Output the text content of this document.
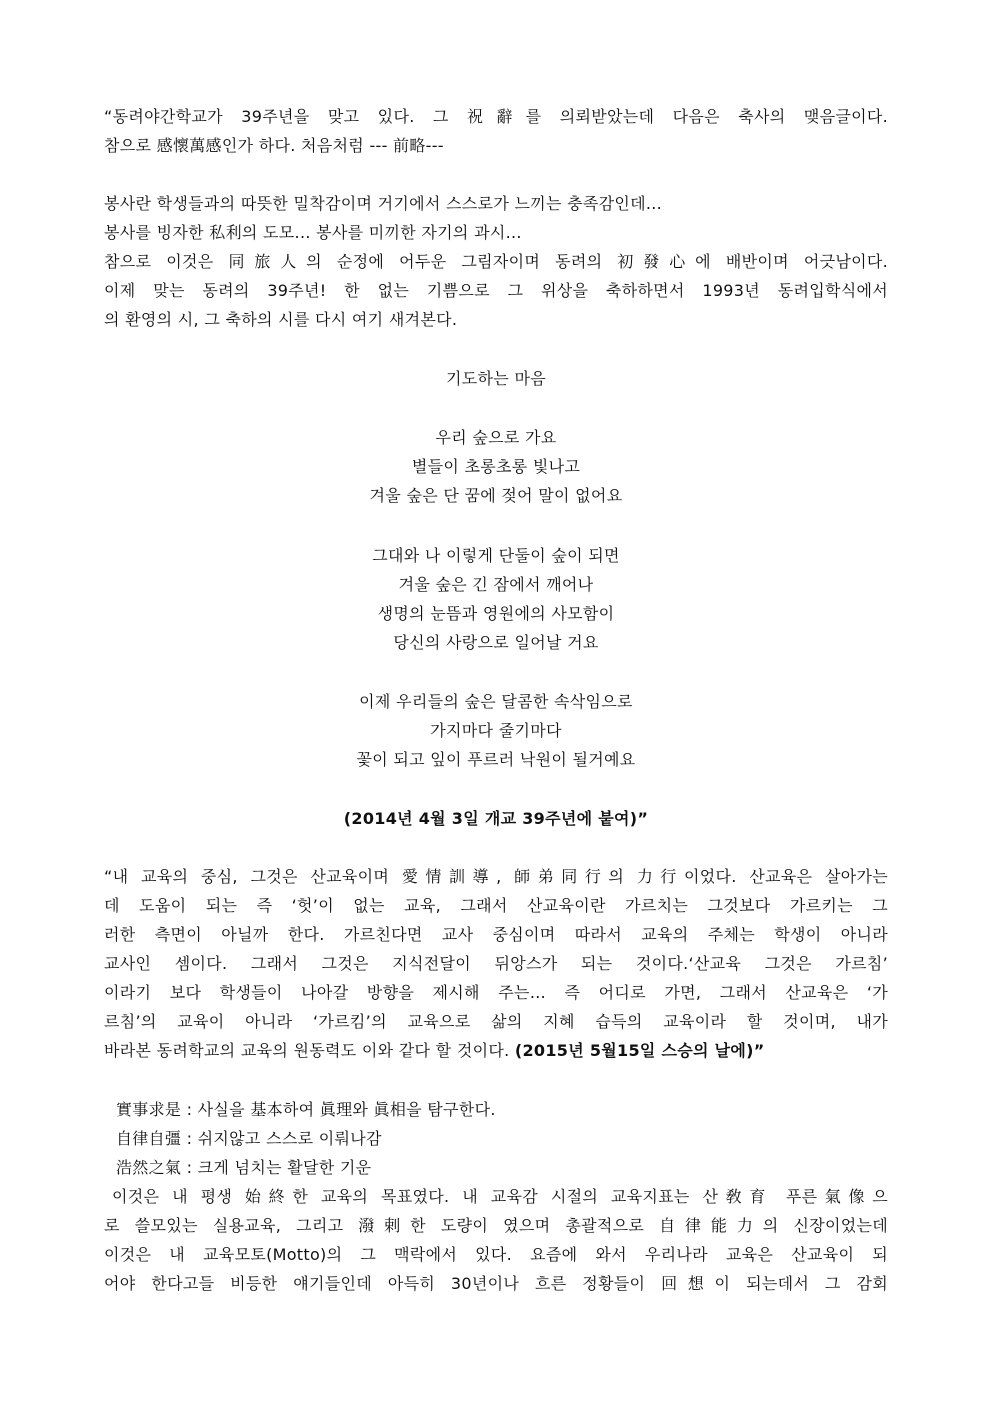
“동려야간학교가 39주년을 맞고 있다. 그 祝辭를 의뢰받았는데 다음은 축사의 맺음글이다.
참으로 感懷萬感인가 하다. 처음처럼 --- 前略---
봉사란 학생들과의 따뜻한 밀착감이며 거기에서 스스로가 느끼는 충족감인데...
봉사를 빙자한 私利의 도모... 봉사를 미끼한 자기의 과시...
참으로 이것은 同旅人의 순정에 어두운 그림자이며 동려의 初發心에 배반이며 어긋남이다.
이제 맞는 동려의 39주년! 한 없는 기쁨으로 그 위상을 축하하면서 1993년 동려입학식에서
의 환영의 시, 그 축하의 시를 다시 여기 새겨본다.
기도하는 마음
우리 숲으로 가요
별들이 초롱초롱 빛나고
겨울 숲은 단 꿈에 젖어 말이 없어요
그대와 나 이렇게 단둘이 숲이 되면
겨울 숲은 긴 잠에서 깨어나
생명의 눈뜸과 영원에의 사모함이
당신의 사랑으로 일어날 거요
이제 우리들의 숲은 달콤한 속삭임으로
가지마다 줄기마다
꽃이 되고 잎이 푸르러 낙원이 될거예요
(2014년 4월 3일 개교 39주년에 붙여)”
“내 교육의 중심, 그것은 산교육이며 愛情訓導, 師弟同行의 力行이었다. 산교육은 살아가는
데 도움이 되는 즉 ‘헛’이 없는 교육, 그래서 산교육이란 가르치는 그것보다 가르키는 그
러한 측면이 아닐까 한다. 가르친다면 교사 중심이며 따라서 교육의 주체는 학생이 아니라
교사인 셈이다. 그래서 그것은 지식전달이 뒤앙스가 되는 것이다.‘산교육 그것은 가르침’
이라기 보다 학생들이 나아갈 방향을 제시해 주는… 즉 어디로 가면, 그래서 산교육은 ‘가
르침’의 교육이 아니라 ‘가르킴’의 교육으로 삶의 지혜 습득의 교육이라 할 것이며, 내가
바라본 동려학교의 교육의 원동력도 이와 같다 할 것이다. (2015년 5월15일 스승의 날에)”
實事求是 : 사실을 基本하여 眞理와 眞相을 탐구한다.
自律自彊 : 쉬지않고 스스로 이뤄나감
浩然之氣 : 크게 넘치는 활달한 기운
이것은 내 평생 始終한 교육의 목표였다. 내 교육감 시절의 교육지표는 산敎育 푸른氣像으
로 쓸모있는 실용교육, 그리고 潑剌한 도량이 였으며 총괄적으로 自律能力의 신장이었는데
이것은 내 교육모토(Motto)의 그 맥락에서 있다. 요즘에 와서 우리나라 교육은 산교육이 되
어야 한다고들 비등한 얘기들인데 아득히 30년이나 흐른 정황들이 回想이 되는데서 그 감회
